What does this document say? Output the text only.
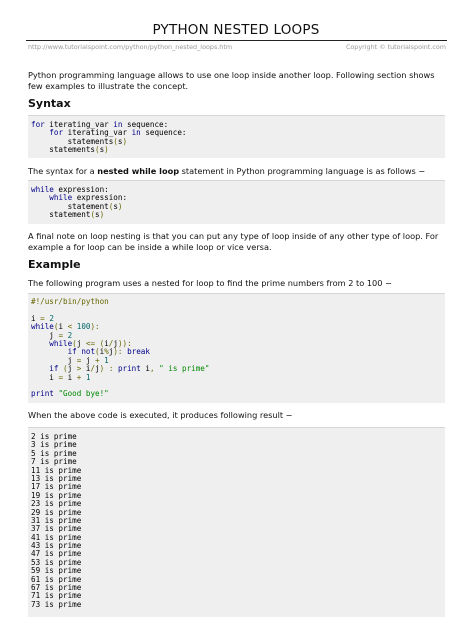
PYTHON NESTED LOOPS
http://www.tutorialspoint.com/python/python_nested_loops.htm	Copyright © tutorialspoint.com
Python programming language allows to use one loop inside another loop. Following section shows few examples to illustrate the concept.
Syntax
for iterating_var in sequence:
for iterating_var in sequence:
statements(s)
statements(s)
The syntax for a nested while loop statement in Python programming language is as follows −
while expression:
while expression:
statement(s)
statement(s)
A final note on loop nesting is that you can put any type of loop inside of any other type of loop. For example a for loop can be inside a while loop or vice versa.
Example
The following program uses a nested for loop to find the prime numbers from 2 to 100 −
#!/usr/bin/python
i = 2
while(i < 100):
j = 2
while(j <= (i/j)):
if not(i%j): break
j = j + 1
if (j > i/j) : print i, " is prime"
i = i + 1
print "Good bye!"
When the above code is executed, it produces following result −
2 is prime
3 is prime
5 is prime
7 is prime
11 is prime
13 is prime
17 is prime
19 is prime
23 is prime
29 is prime
31 is prime
37 is prime
41 is prime
43 is prime
47 is prime
53 is prime
59 is prime
61 is prime
67 is prime
71 is prime
73 is prime
